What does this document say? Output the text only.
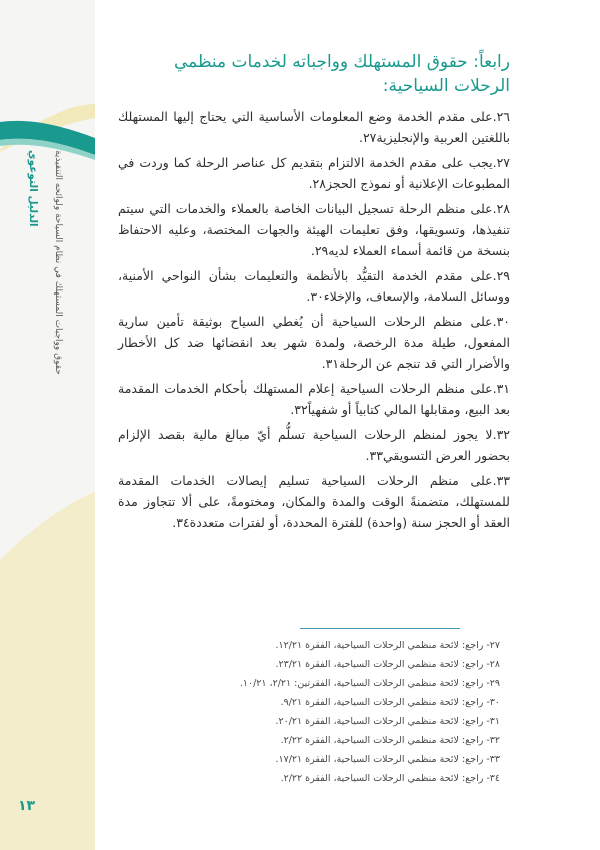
الدليل التوعوي حقوق وواجبات المستهلك في نظام السياحة ولوائحه التنفيذية
١٣
رابعاً: حقوق المستهلك وواجباته لخدمات منظمي
الرحلات السياحية:
٢٦.على مقدم الخدمة وضع المعلومات الأساسية التي يحتاج إليها المستهلك باللغتين العربية والإنجليزية٢٧.
٢٧.يجب على مقدم الخدمة الالتزام بتقديم كل عناصر الرحلة كما وردت في المطبوعات الإعلانية أو نموذج الحجز٢٨.
٢٨.على منظم الرحلة تسجيل البيانات الخاصة بالعملاء والخدمات التي سيتم تنفيذها، وتسويقها، وفق تعليمات الهيئة والجهات المختصة، وعليه الاحتفاظ بنسخة من قائمة أسماء العملاء لديه٢٩.
٢٩.على مقدم الخدمة التقيُّد بالأنظمة والتعليمات بشأن النواحي الأمنية، ووسائل السلامة، والإسعاف، والإخلاء٣٠.
٣٠.على منظم الرحلات السياحية أن يُغطي السياح بوثيقة تأمين سارية المفعول، طيلة مدة الرخصة، ولمدة شهر بعد انقضائها ضد كل الأخطار والأضرار التي قد تنجم عن الرحلة٣١.
٣١.على منظم الرحلات السياحية إعلام المستهلك بأحكام الخدمات المقدمة بعد البيع، ومقابلها المالي كتابياً أو شفهياً٣٢.
٣٢.لا يجوز لمنظم الرحلات السياحية تسلُّم أيّ مبالغ مالية بقصد الإلزام بحضور العرض التسويقي٣٣.
٣٣.على منظم الرحلات السياحية تسليم إيصالات الخدمات المقدمة للمستهلك، متضمنةً الوقت والمدة والمكان، ومختومةً، على ألا تتجاوز مدة العقد أو الحجز سنة (واحدة) للفترة المحددة، أو لفترات متعددة٣٤.
٢٧- راجع: لائحة منظمي الرحلات السياحية، الفقرة ١٢/٢١.
٢٨- راجع: لائحة منظمي الرحلات السياحية، الفقرة ٢٣/٢١.
٢٩- راجع: لائحة منظمي الرحلات السياحية، الفقرتين: ٢/٢١، ١٠/٢١.
٣٠- راجع: لائحة منظمي الرحلات السياحية، الفقرة ٩/٢١.
٣١- راجع: لائحة منظمي الرحلات السياحية، الفقرة ٢٠/٢١.
٣٢- راجع: لائحة منظمي الرحلات السياحية، الفقرة ٢/٢٢.
٣٣- راجع: لائحة منظمي الرحلات السياحية، الفقرة ١٧/٢١.
٣٤- راجع: لائحة منظمي الرحلات السياحية، الفقرة ٢/٢٢.
